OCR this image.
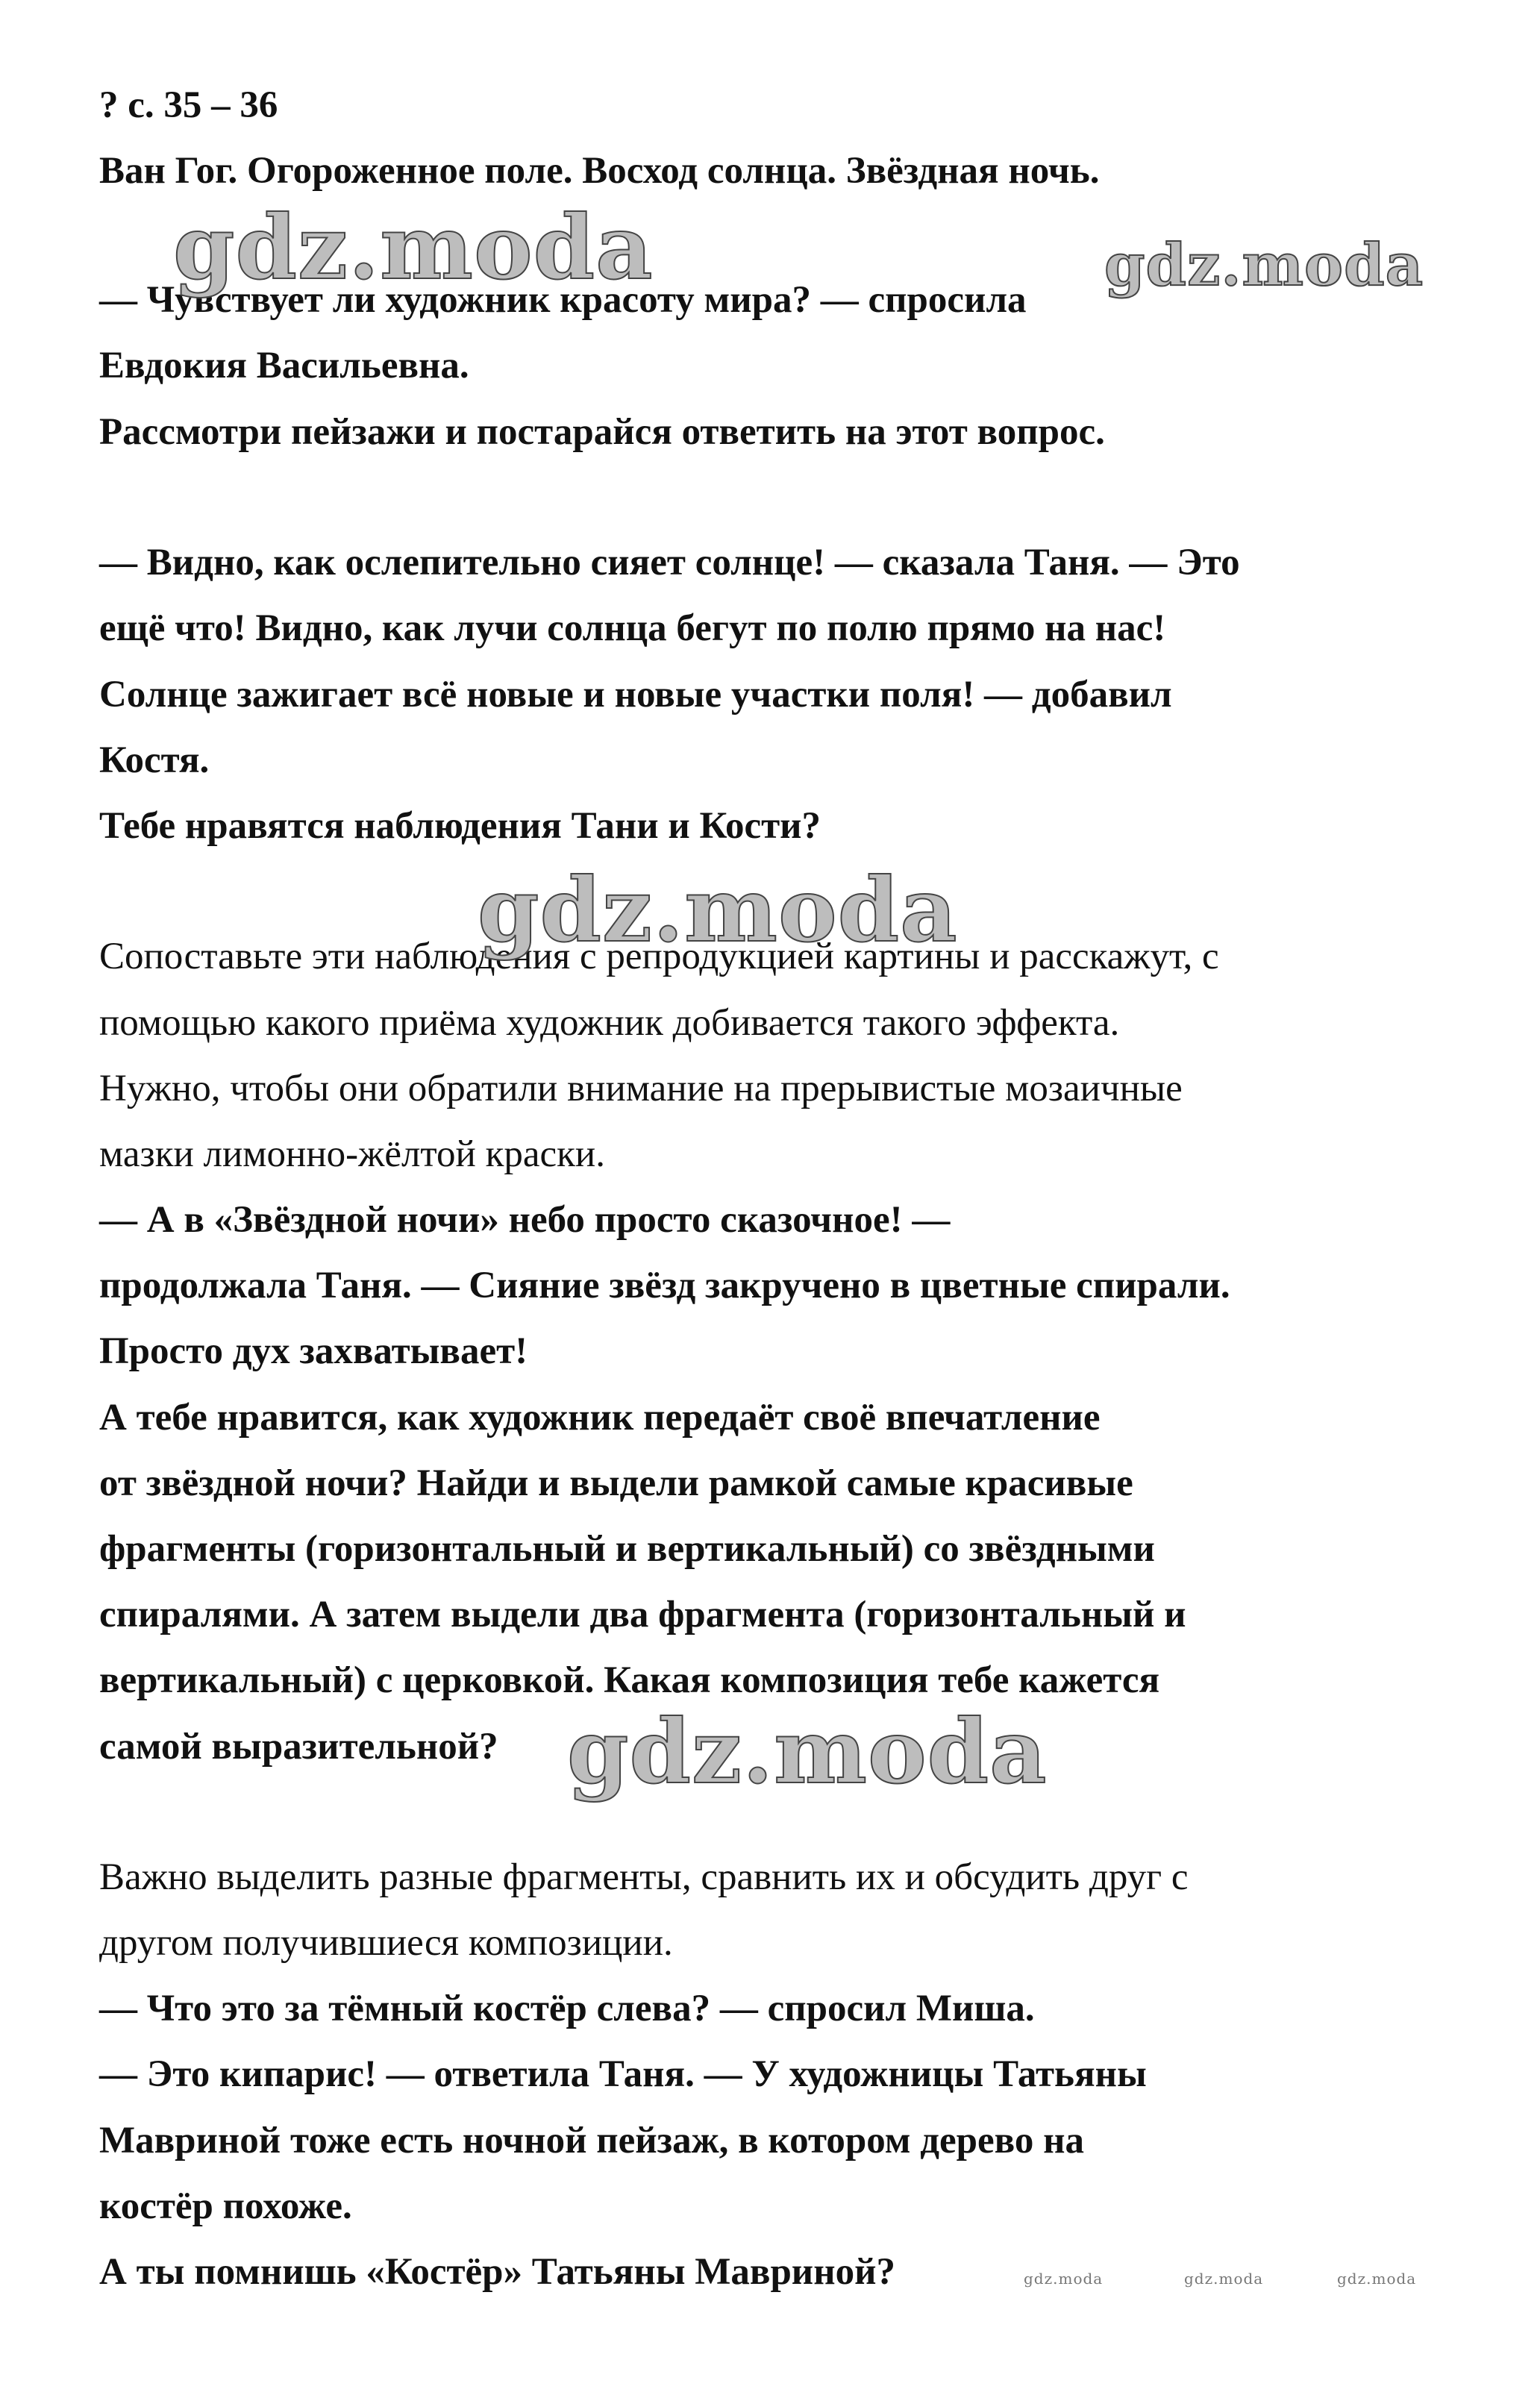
? с. 35 – 36

Ван Гог. Огороженное поле. Восход солнца. Звёздная ночь.

— Чувствует ли художник красоту мира? — спросила

Евдокия Васильевна.

Рассмотри пейзажи и постарайся ответить на этот вопрос.

— Видно, как ослепительно сияет солнце! — сказала Таня. — Это

ещё что! Видно, как лучи солнца бегут по полю прямо на нас!

Солнце зажигает всё новые и новые участки поля! — добавил

Костя.

Тебе нравятся наблюдения Тани и Кости?

Сопоставьте эти наблюдения с репродукцией картины и расскажут, с

помощью какого приёма художник добивается такого эффекта.

Нужно, чтобы они обратили внимание на прерывистые мозаичные

мазки лимонно-жёлтой краски.

— А в «Звёздной ночи» небо просто сказочное! —

продолжала Таня. — Сияние звёзд закручено в цветные спирали.

Просто дух захватывает!

А тебе нравится, как художник передаёт своё впечатление

от звёздной ночи? Найди и выдели рамкой самые красивые

фрагменты (горизонтальный и вертикальный) со звёздными

спиралями. А затем выдели два фрагмента (горизонтальный и

вертикальный) с церковкой. Какая композиция тебе кажется

самой выразительной?

Важно выделить разные фрагменты, сравнить их и обсудить друг с

другом получившиеся композиции.

— Что это за тёмный костёр слева? — спросил Миша.

— Это кипарис! — ответила Таня. — У художницы Татьяны

Мавриной тоже есть ночной пейзаж, в котором дерево на

костёр похоже.

А ты помнишь «Костёр» Татьяны Мавриной?

gdz.moda	gdz.moda
gdz.moda
gdz.moda
gdz.moda	gdz.moda	gdz.moda
